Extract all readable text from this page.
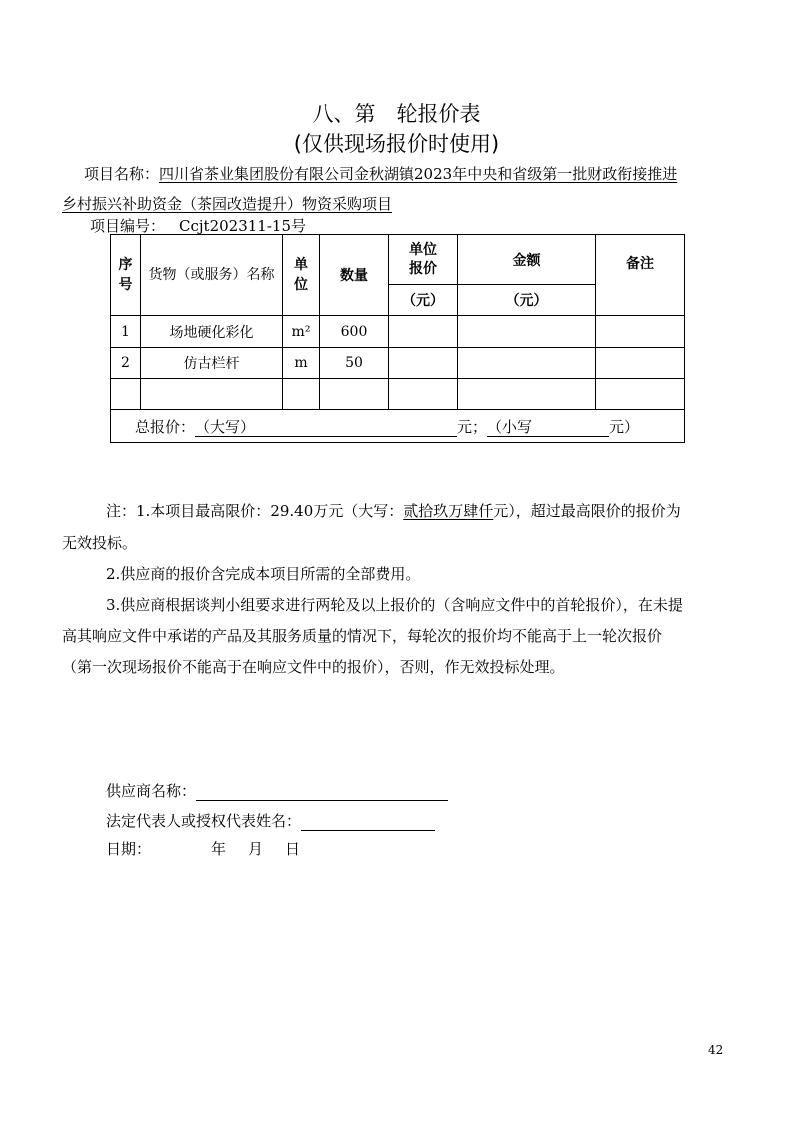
八、第　轮报价表
(仅供现场报价时使用)
项目名称：四川省茶业集团股份有限公司金秋湖镇2023年中央和省级第一批财政衔接推进
乡村振兴补助资金（茶园改造提升）物资采购项目
项目编号： Ccjt202311-15号
序号	货物（或服务）名称	单位	数量	单位报价	金额	备注
				（元）	（元）	
1	场地硬化彩化	m²	600			
2	仿古栏杆	m	50			

总报价：（大写） 元；（小写 元）						
注：1.本项目最高限价：29.40万元（大写：贰拾玖万肆仟元），超过最高限价的报价为
无效投标。
2.供应商的报价含完成本项目所需的全部费用。
3.供应商根据谈判小组要求进行两轮及以上报价的（含响应文件中的首轮报价），在未提
高其响应文件中承诺的产品及其服务质量的情况下，每轮次的报价均不能高于上一轮次报价
（第一次现场报价不能高于在响应文件中的报价），否则，作无效投标处理。
供应商名称：
法定代表人或授权代表姓名：
日期：	年 月 日
42
